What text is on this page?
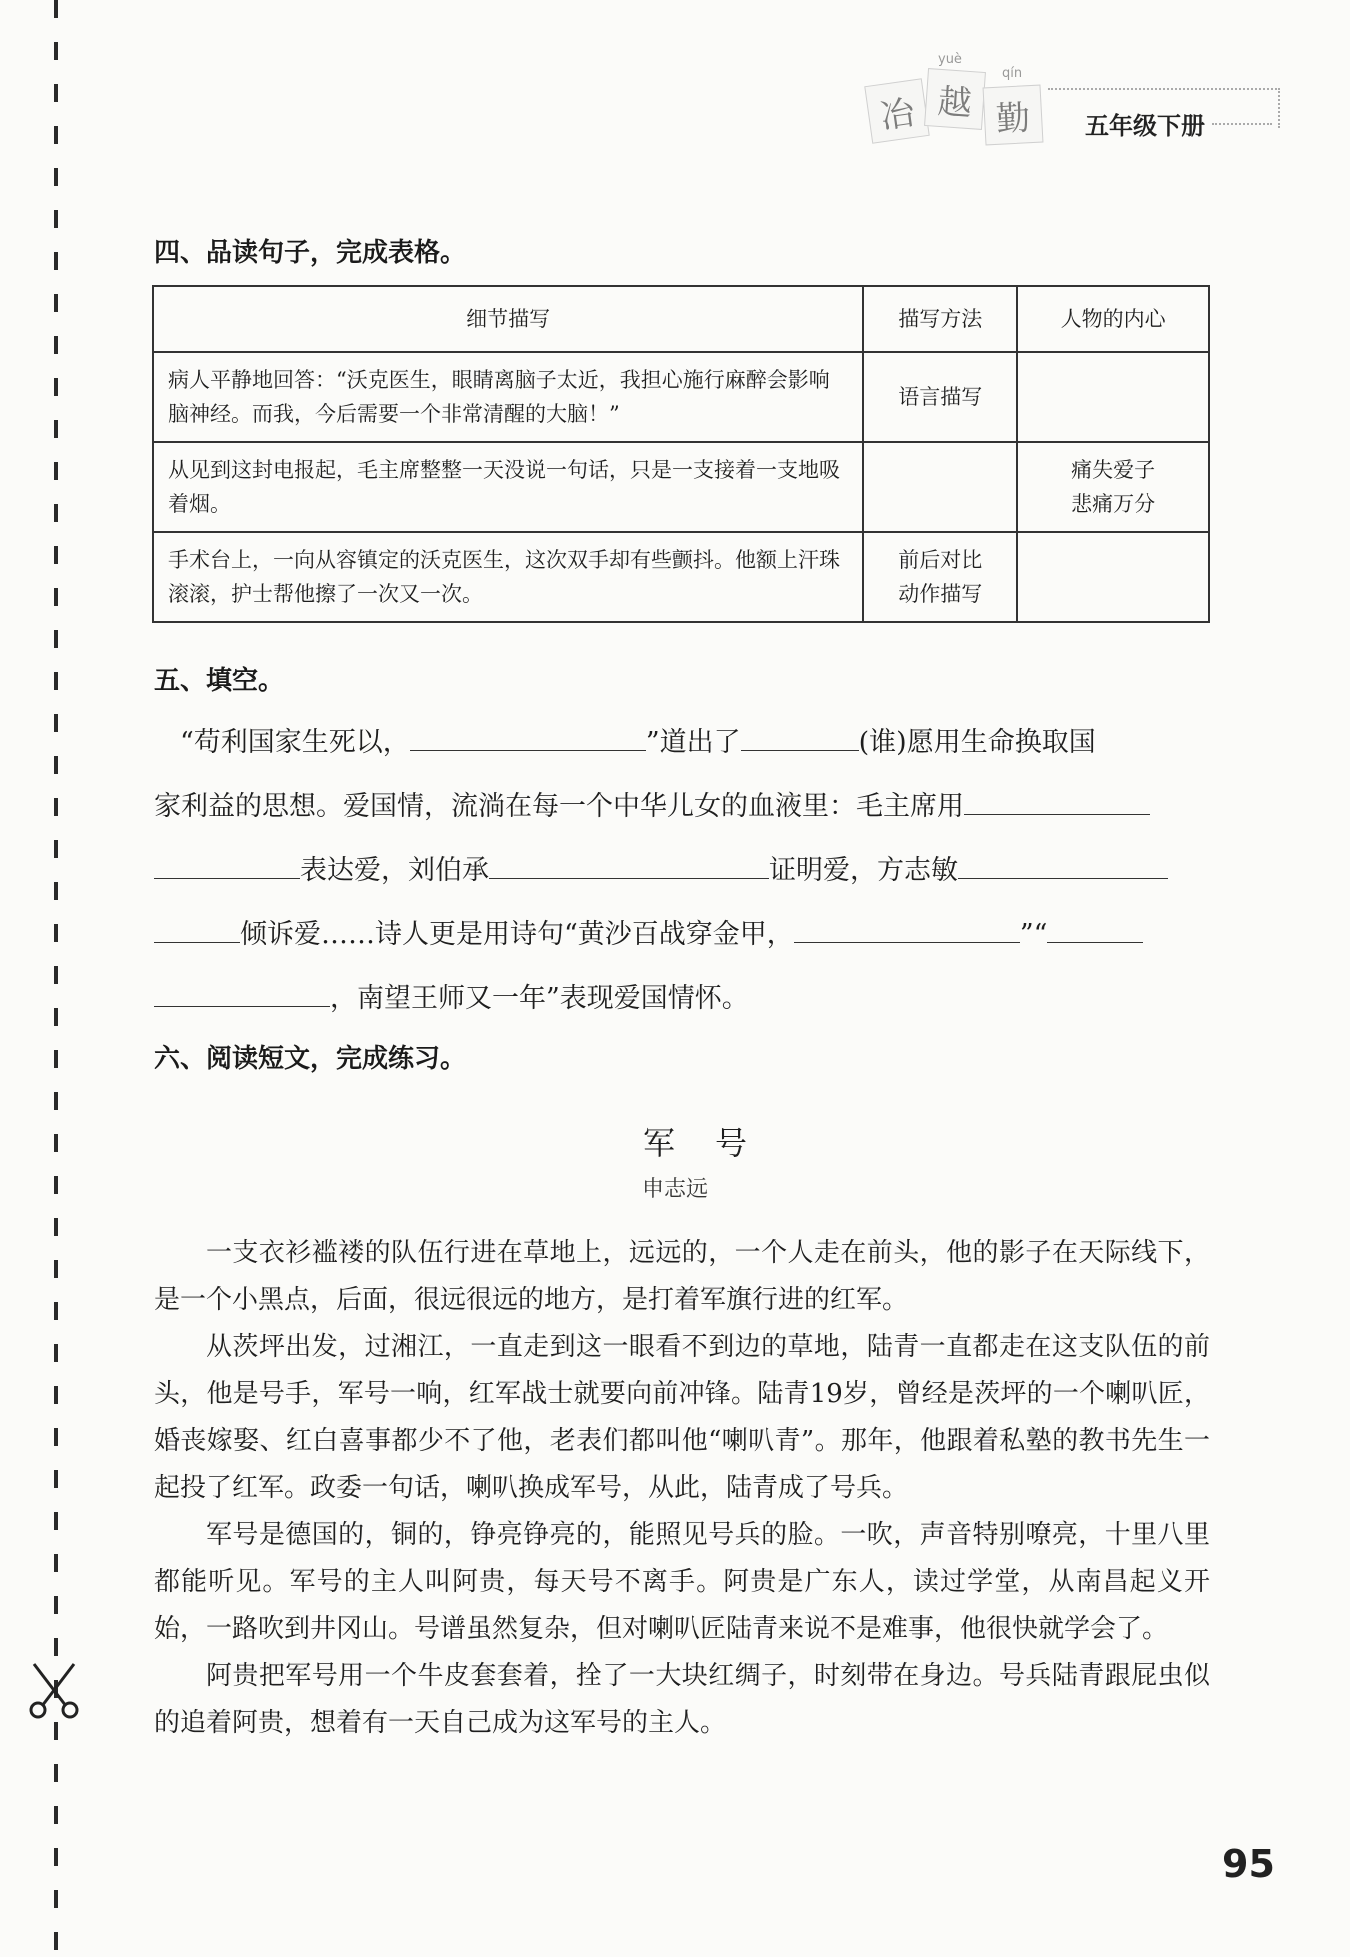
冶 越 勤
yuè
qín
五年级下册
四、品读句子，完成表格。
细节描写	描写方法	人物的内心
病人平静地回答：“沃克医生，眼睛离脑子太近，我担心施行麻醉会影响脑神经。而我，今后需要一个非常清醒的大脑！”	语言描写	
从见到这封电报起，毛主席整整一天没说一句话，只是一支接着一支地吸着烟。		痛失爱子
悲痛万分
手术台上，一向从容镇定的沃克医生，这次双手却有些颤抖。他额上汗珠滚滚，护士帮他擦了一次又一次。	前后对比
动作描写	
五、填空。
“苟利国家生死以，	”道出了	(谁)愿用生命换取国
家利益的思想。爱国情，流淌在每一个中华儿女的血液里：毛主席用
表达爱，刘伯承	证明爱，方志敏
倾诉爱……诗人更是用诗句“黄沙百战穿金甲，	”“
，南望王师又一年”表现爱国情怀。
六、阅读短文，完成练习。
军号
申志远

一支衣衫褴褛的队伍行进在草地上，远远的，一个人走在前头，他的影子在天际线下，是一个小黑点，后面，很远很远的地方，是打着军旗行进的红军。

从茨坪出发，过湘江，一直走到这一眼看不到边的草地，陆青一直都走在这支队伍的前头，他是号手，军号一响，红军战士就要向前冲锋。陆青19岁，曾经是茨坪的一个喇叭匠，婚丧嫁娶、红白喜事都少不了他，老表们都叫他“喇叭青”。那年，他跟着私塾的教书先生一起投了红军。政委一句话，喇叭换成军号，从此，陆青成了号兵。

军号是德国的，铜的，铮亮铮亮的，能照见号兵的脸。一吹，声音特别嘹亮，十里八里都能听见。军号的主人叫阿贵，每天号不离手。阿贵是广东人，读过学堂，从南昌起义开始，一路吹到井冈山。号谱虽然复杂，但对喇叭匠陆青来说不是难事，他很快就学会了。

阿贵把军号用一个牛皮套套着，拴了一大块红绸子，时刻带在身边。号兵陆青跟屁虫似的追着阿贵，想着有一天自己成为这军号的主人。

95
